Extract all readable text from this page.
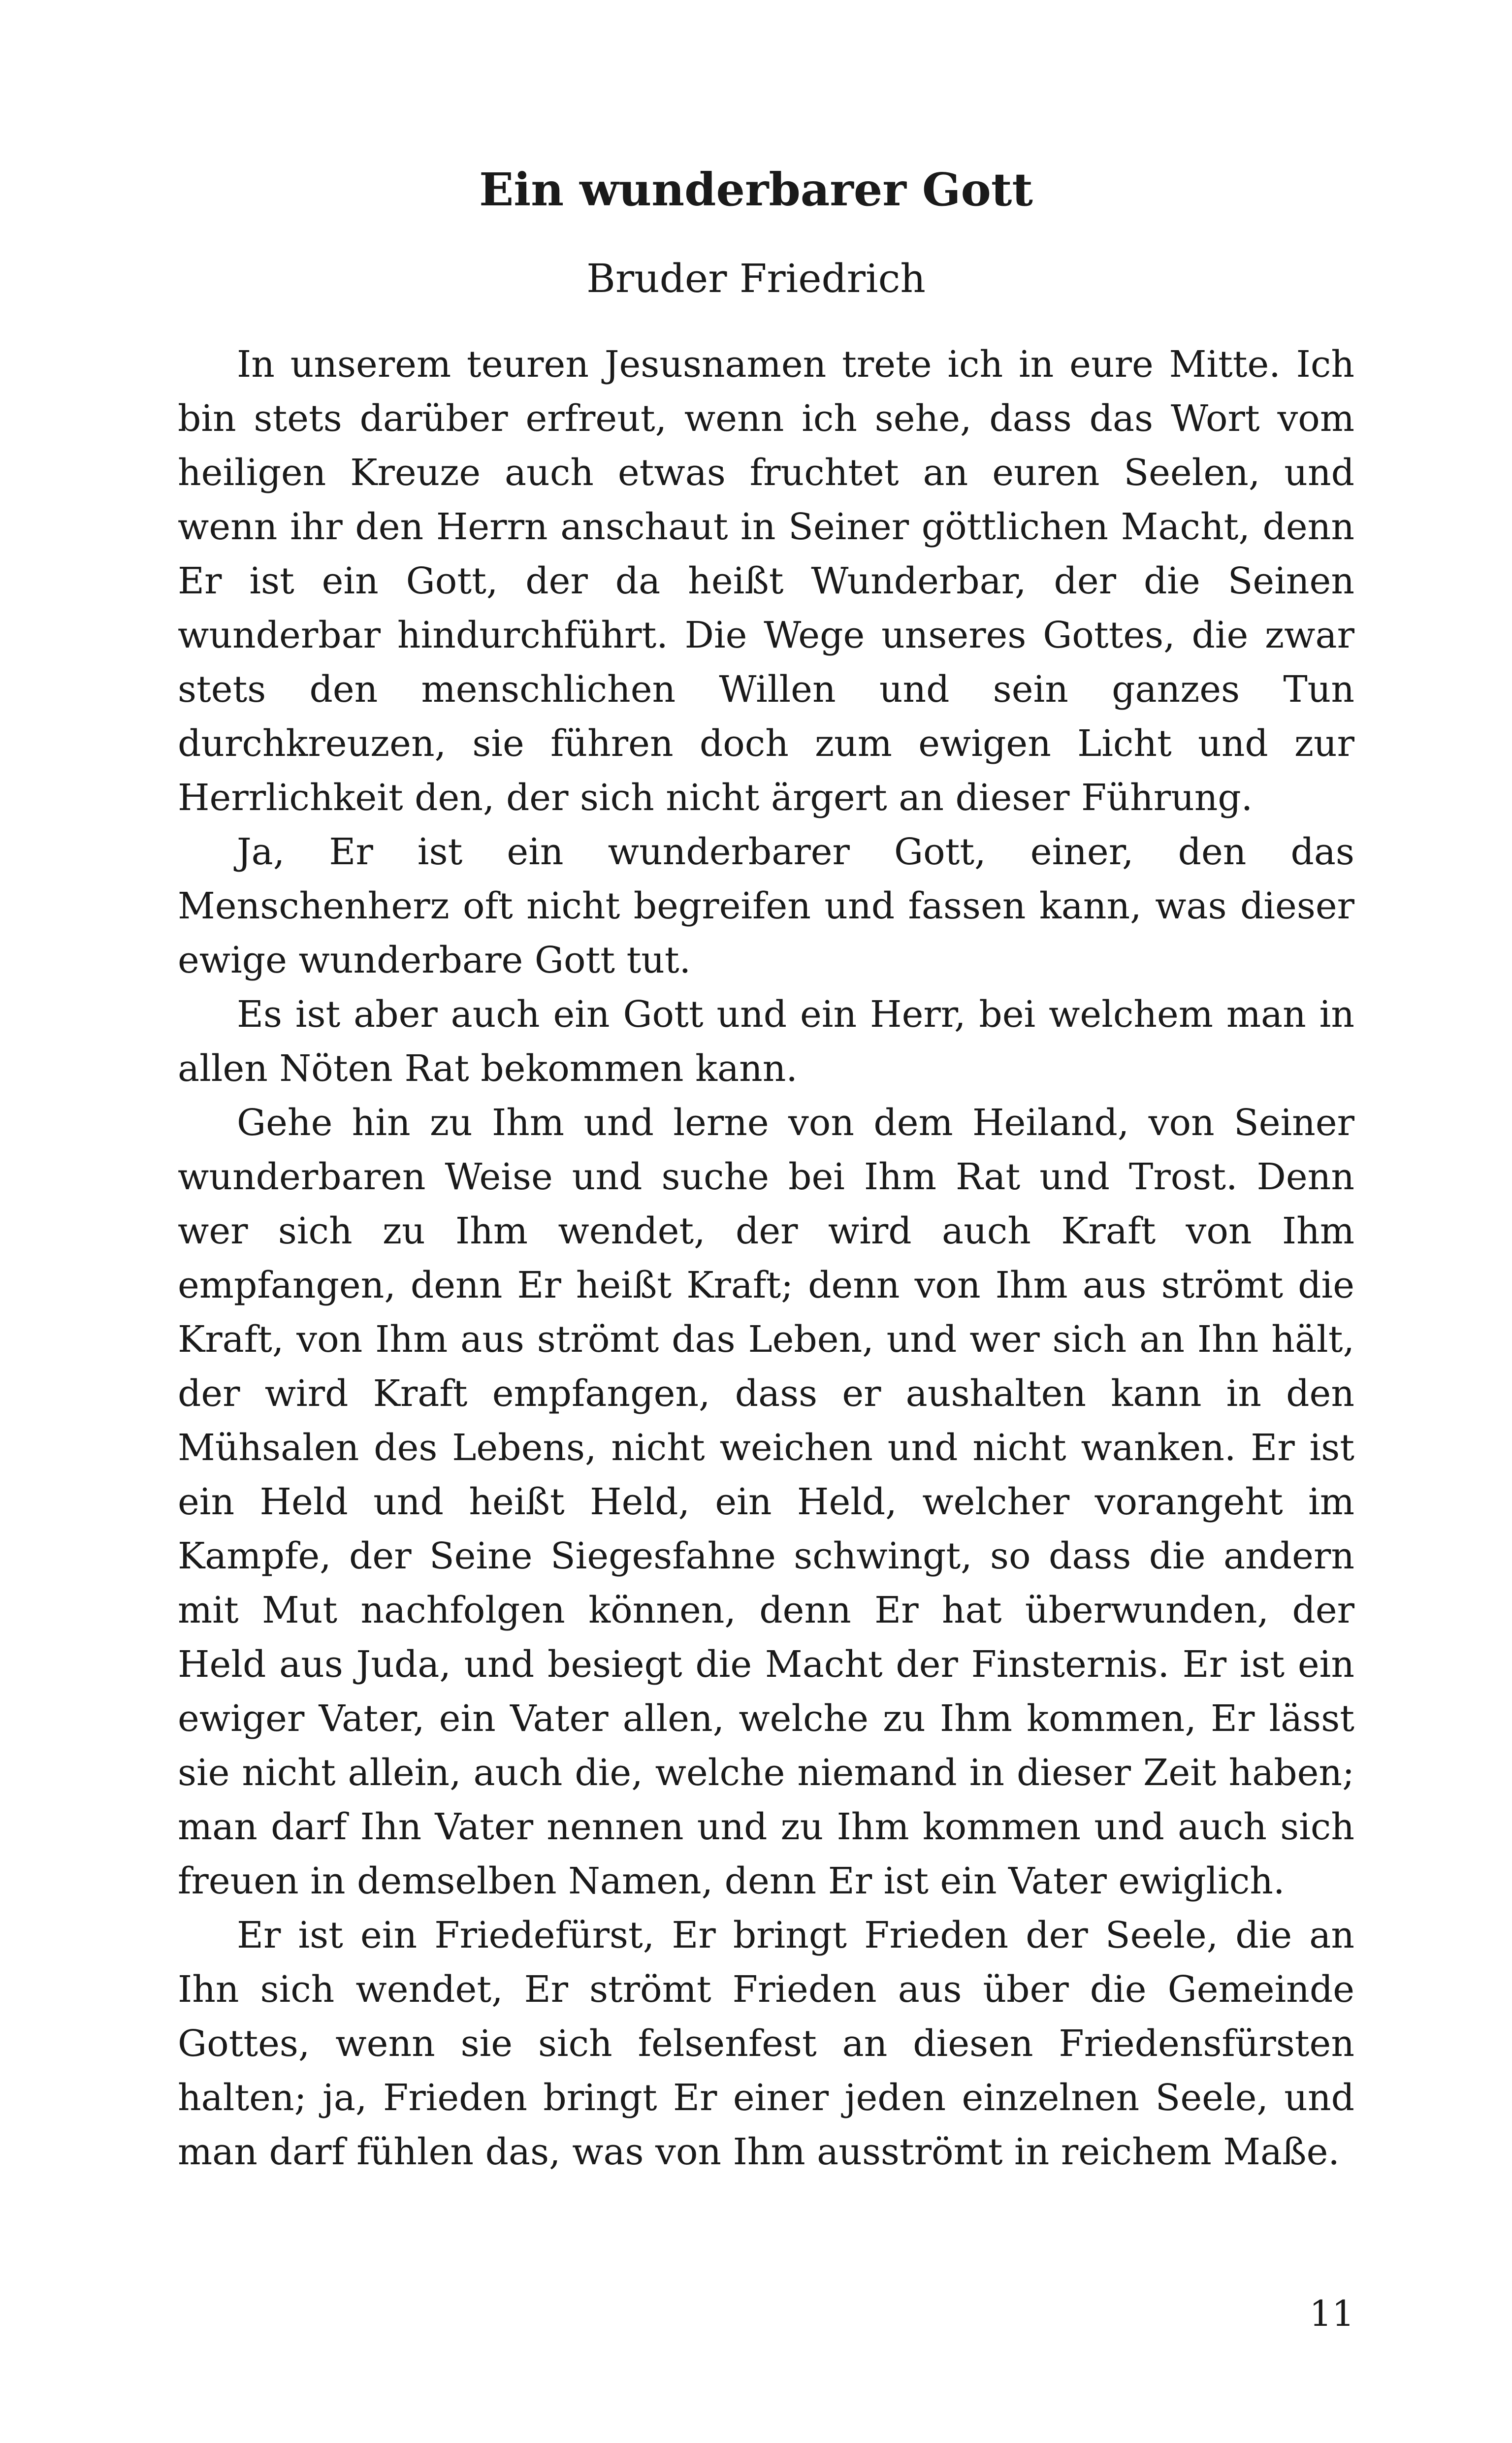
Ein wunderbarer Gott
Bruder Friedrich

In unserem teuren Jesusnamen trete ich in eure Mitte. Ich bin stets darüber erfreut, wenn ich sehe, dass das Wort vom heiligen Kreuze auch etwas fruchtet an euren Seelen, und wenn ihr den Herrn anschaut in Seiner göttlichen Macht, denn Er ist ein Gott, der da heißt Wunderbar, der die Seinen wunderbar hindurchführt. Die Wege unseres Gottes, die zwar stets den menschlichen Willen und sein ganzes Tun durchkreuzen, sie führen doch zum ewigen Licht und zur Herrlichkeit den, der sich nicht ärgert an dieser Führung.

Ja, Er ist ein wunderbarer Gott, einer, den das Menschenherz oft nicht begreifen und fassen kann, was dieser ewige wunderbare Gott tut.

Es ist aber auch ein Gott und ein Herr, bei welchem man in allen Nöten Rat bekommen kann.

Gehe hin zu Ihm und lerne von dem Heiland, von Seiner wunderbaren Weise und suche bei Ihm Rat und Trost. Denn wer sich zu Ihm wendet, der wird auch Kraft von Ihm empfangen, denn Er heißt Kraft; denn von Ihm aus strömt die Kraft, von Ihm aus strömt das Leben, und wer sich an Ihn hält, der wird Kraft empfangen, dass er aushalten kann in den Mühsalen des Lebens, nicht weichen und nicht wanken. Er ist ein Held und heißt Held, ein Held, welcher vorangeht im Kampfe, der Seine Siegesfahne schwingt, so dass die andern mit Mut nachfolgen können, denn Er hat überwunden, der Held aus Juda, und besiegt die Macht der Finsternis. Er ist ein ewiger Vater, ein Vater allen, welche zu Ihm kommen, Er lässt sie nicht allein, auch die, welche niemand in dieser Zeit haben; man darf Ihn Vater nennen und zu Ihm kommen und auch sich freuen in demselben Namen, denn Er ist ein Vater ewiglich.

Er ist ein Friedefürst, Er bringt Frieden der Seele, die an Ihn sich wendet, Er strömt Frieden aus über die Gemeinde Gottes, wenn sie sich felsenfest an diesen Friedensfürsten halten; ja, Frieden bringt Er einer jeden einzelnen Seele, und man darf fühlen das, was von Ihm ausströmt in reichem Maße.

11
